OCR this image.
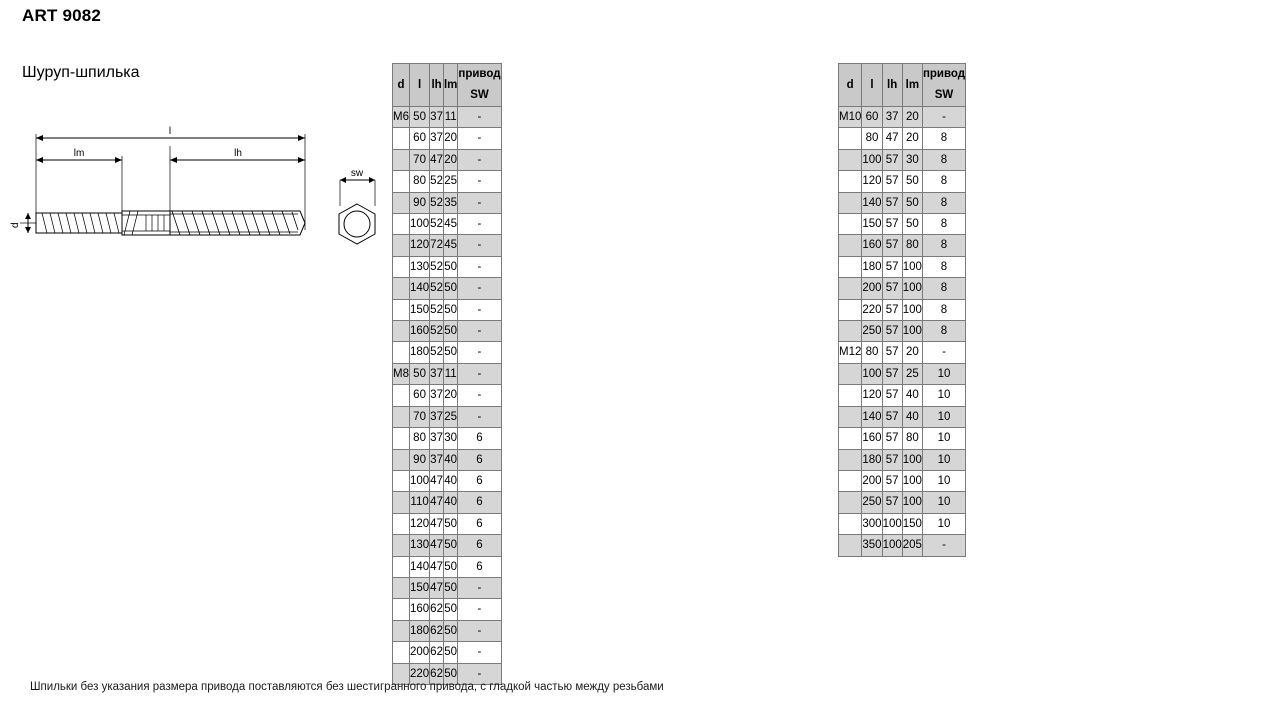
ART 9082
Шуруп-шпилька
l
lm	lh
d
sw
d	l	lh	lm	привод SW
M6	50	37	11	-
	60	37	20	-
	70	47	20	-
	80	52	25	-
	90	52	35	-
	100	52	45	-
	120	72	45	-
	130	52	50	-
	140	52	50	-
	150	52	50	-
	160	52	50	-
	180	52	50	-
M8	50	37	11	-
	60	37	20	-
	70	37	25	-
	80	37	30	6
	90	37	40	6
	100	47	40	6
	110	47	40	6
	120	47	50	6
	130	47	50	6
	140	47	50	6
	150	47	50	-
	160	62	50	-
	180	62	50	-
	200	62	50	-
	220	62	50	-
d	l	lh	lm	привод SW
M10	60	37	20	-
	80	47	20	8
	100	57	30	8
	120	57	50	8
	140	57	50	8
	150	57	50	8
	160	57	80	8
	180	57	100	8
	200	57	100	8
	220	57	100	8
	250	57	100	8
M12	80	57	20	-
	100	57	25	10
	120	57	40	10
	140	57	40	10
	160	57	80	10
	180	57	100	10
	200	57	100	10
	250	57	100	10
	300	100	150	10
	350	100	205	-
Шпильки без указания размера привода поставляются без шестигранного привода, с гладкой частью между резьбами
